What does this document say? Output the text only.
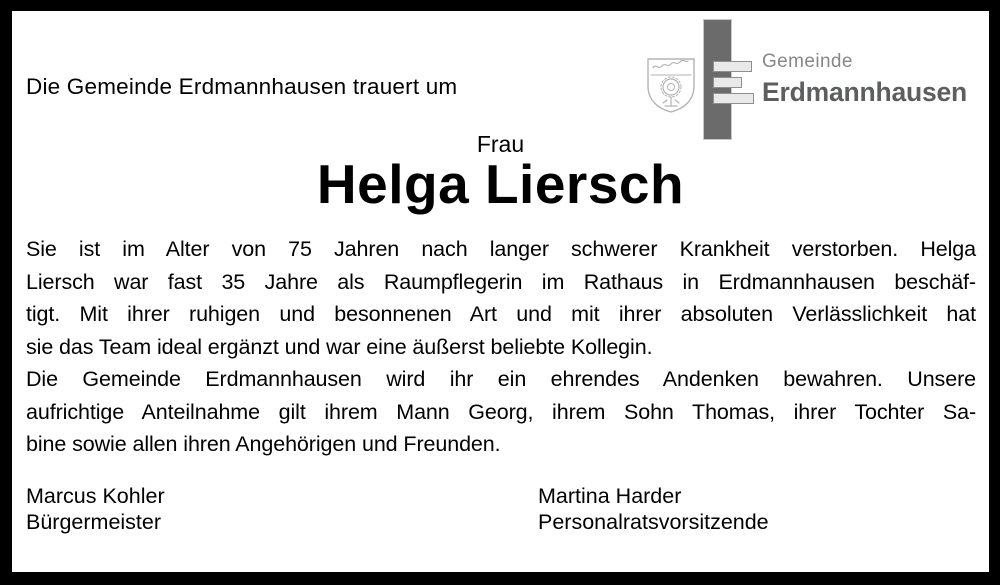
Die Gemeinde Erdmannhausen trauert um
Gemeinde
Erdmannhausen
Frau
Helga Liersch
Sie ist im Alter von 75 Jahren nach langer schwerer Krankheit verstorben. Helga
Liersch war fast 35 Jahre als Raumpflegerin im Rathaus in Erdmannhausen beschäf-
tigt. Mit ihrer ruhigen und besonnenen Art und mit ihrer absoluten Verlässlichkeit hat
sie das Team ideal ergänzt und war eine äußerst beliebte Kollegin.
Die Gemeinde Erdmannhausen wird ihr ein ehrendes Andenken bewahren. Unsere
aufrichtige Anteilnahme gilt ihrem Mann Georg, ihrem Sohn Thomas, ihrer Tochter Sa-
bine sowie allen ihren Angehörigen und Freunden.
Marcus Kohler
Bürgermeister
Martina Harder
Personalratsvorsitzende
